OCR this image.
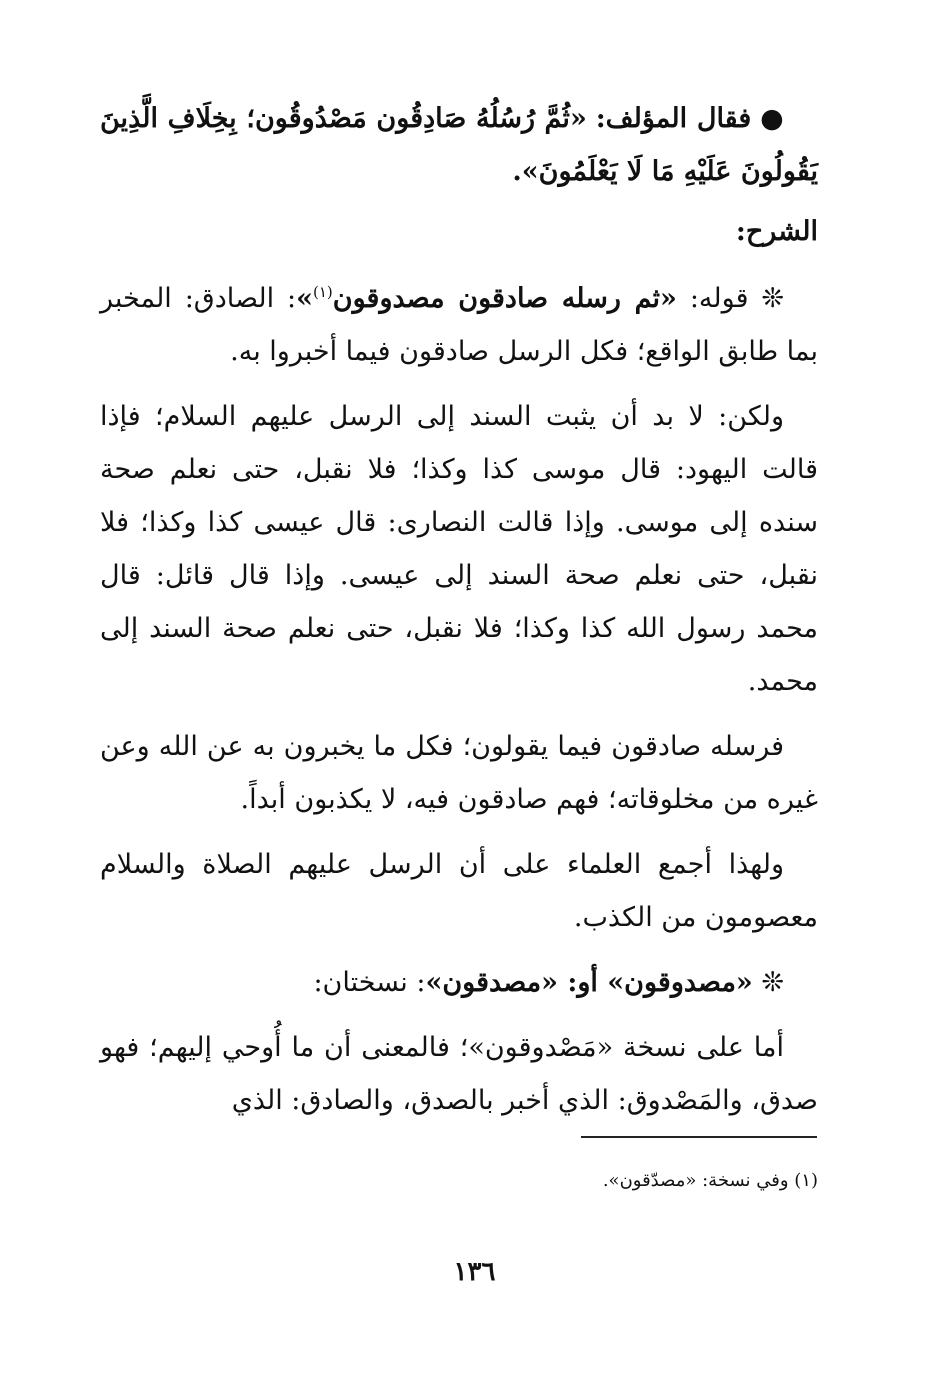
● فقال المؤلف: «ثُمَّ رُسُلُهُ صَادِقُون مَصْدُوقُون؛ بِخِلَافِ الَّذِينَ يَقُولُونَ عَلَيْهِ مَا لَا يَعْلَمُونَ».

الشرح:

❊ قوله: «ثم رسله صادقون مصدوقون$^{(١)}$»: الصادق: المخبر بما طابق الواقع؛ فكل الرسل صادقون فيما أخبروا به.

ولكن: لا بد أن يثبت السند إلى الرسل عليهم السلام؛ فإذا قالت اليهود: قال موسى كذا وكذا؛ فلا نقبل، حتى نعلم صحة سنده إلى موسى. وإذا قالت النصارى: قال عيسى كذا وكذا؛ فلا نقبل، حتى نعلم صحة السند إلى عيسى. وإذا قال قائل: قال محمد رسول الله كذا وكذا؛ فلا نقبل، حتى نعلم صحة السند إلى محمد.

فرسله صادقون فيما يقولون؛ فكل ما يخبرون به عن الله وعن غيره من مخلوقاته؛ فهم صادقون فيه، لا يكذبون أبداً.

ولهذا أجمع العلماء على أن الرسل عليهم الصلاة والسلام معصومون من الكذب.

❊ «مصدوقون» أو: «مصدقون»: نسختان:

أما على نسخة «مَصْدوقون»؛ فالمعنى أن ما أُوحي إليهم؛ فهو صدق، والمَصْدوق: الذي أخبر بالصدق، والصادق: الذي

(١) وفي نسخة: «مصدّقون».
١٣٦
